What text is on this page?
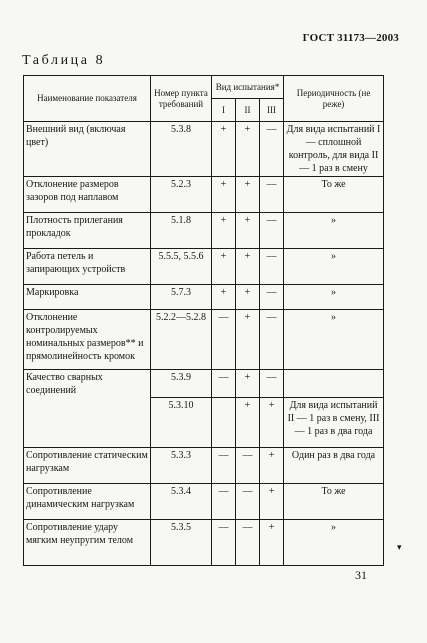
ГОСТ 31173—2003
Таблица 8
Наименование показателя	Номер пункта требований	Вид испытания*			Периодичность (не реже)
		I	II	III	
Внешний вид (включая цвет)	5.3.8	+	+	—	Для вида испытаний I — сплошной контроль, для вида II — 1 раз в смену
Отклонение размеров зазоров под наплавом	5.2.3	+	+	—	То же
Плотность прилегания прокладок	5.1.8	+	+	—	»
Работа петель и запирающих устройств	5.5.5, 5.5.6	+	+	—	»
Маркировка	5.7.3	+	+	—	»
Отклонение контролируемых номинальных размеров** и прямолинейность кромок	5.2.2—5.2.8	—	+	—	»
Качество сварных соединений	5.3.9	—	+	—	
	5.3.10		+	+	Для вида испытаний II — 1 раз в смену, III — 1 раз в два года
Сопротивление статическим нагрузкам	5.3.3	—	—	+	Один раз в два года
Сопротивление динамическим нагрузкам	5.3.4	—	—	+	То же
Сопротивление удару мягким неупругим телом	5.3.5	—	—	+	»
▾
31
